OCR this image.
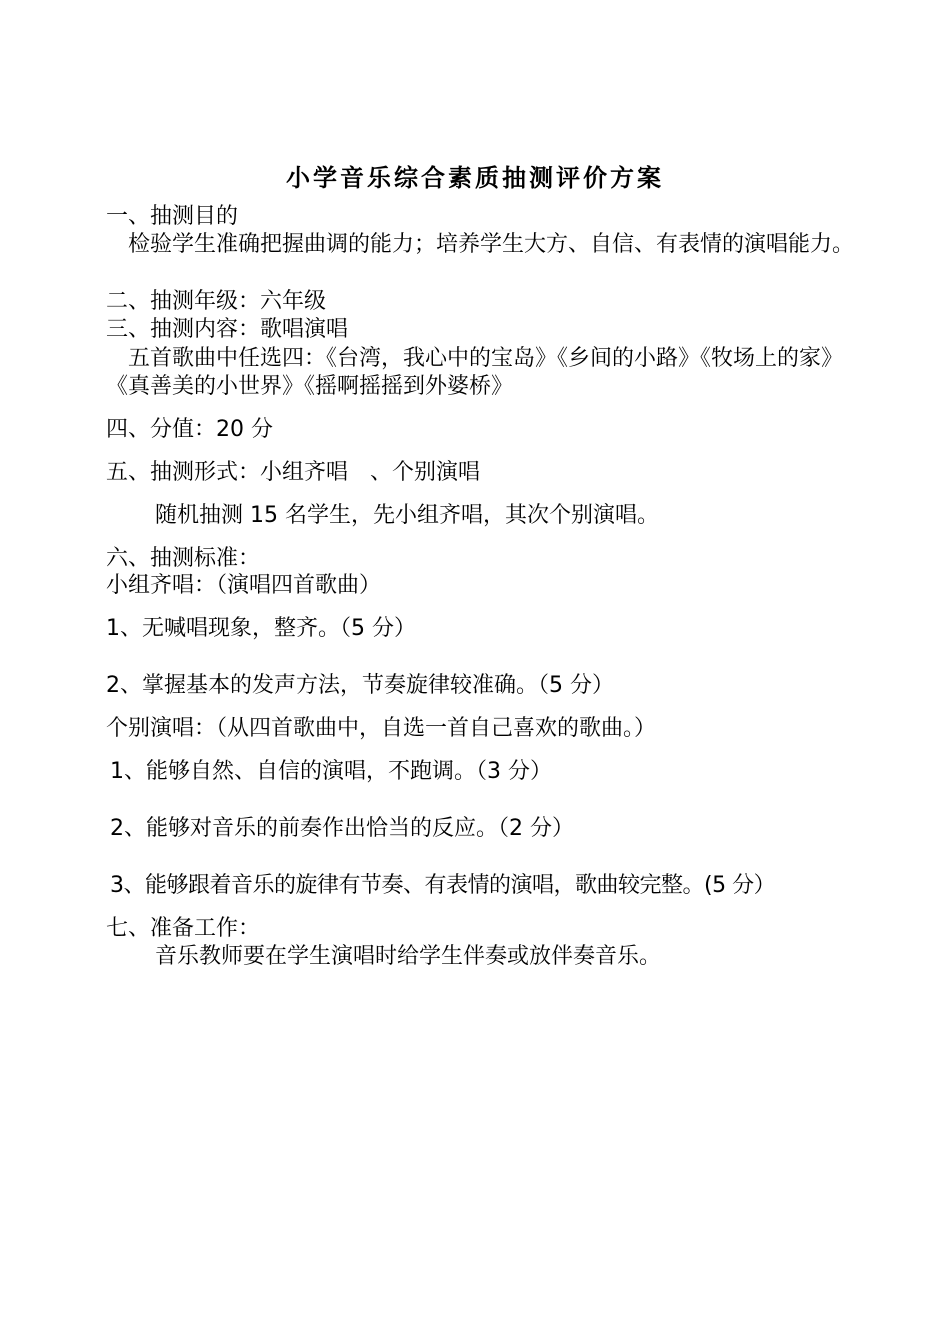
小学音乐综合素质抽测评价方案
一、抽测目的
检验学生准确把握曲调的能力；培养学生大方、自信、有表情的演唱能力。
二、抽测年级：六年级
三、抽测内容：歌唱演唱
五首歌曲中任选四：《台湾，我心中的宝岛》《乡间的小路》《牧场上的家》《真善美的小世界》《摇啊摇摇到外婆桥》
四、分值：20 分
五、抽测形式：小组齐唱　、个别演唱
随机抽测 15 名学生，先小组齐唱，其次个别演唱。
六、抽测标准：
小组齐唱：（演唱四首歌曲）
1、无喊唱现象，整齐。（5 分）
2、掌握基本的发声方法，节奏旋律较准确。（5 分）
个别演唱：（从四首歌曲中，自选一首自己喜欢的歌曲。）
1、能够自然、自信的演唱，不跑调。（3 分）
2、能够对音乐的前奏作出恰当的反应。（2 分）
3、能够跟着音乐的旋律有节奏、有表情的演唱，歌曲较完整。(5 分）
七、准备工作：
音乐教师要在学生演唱时给学生伴奏或放伴奏音乐。
